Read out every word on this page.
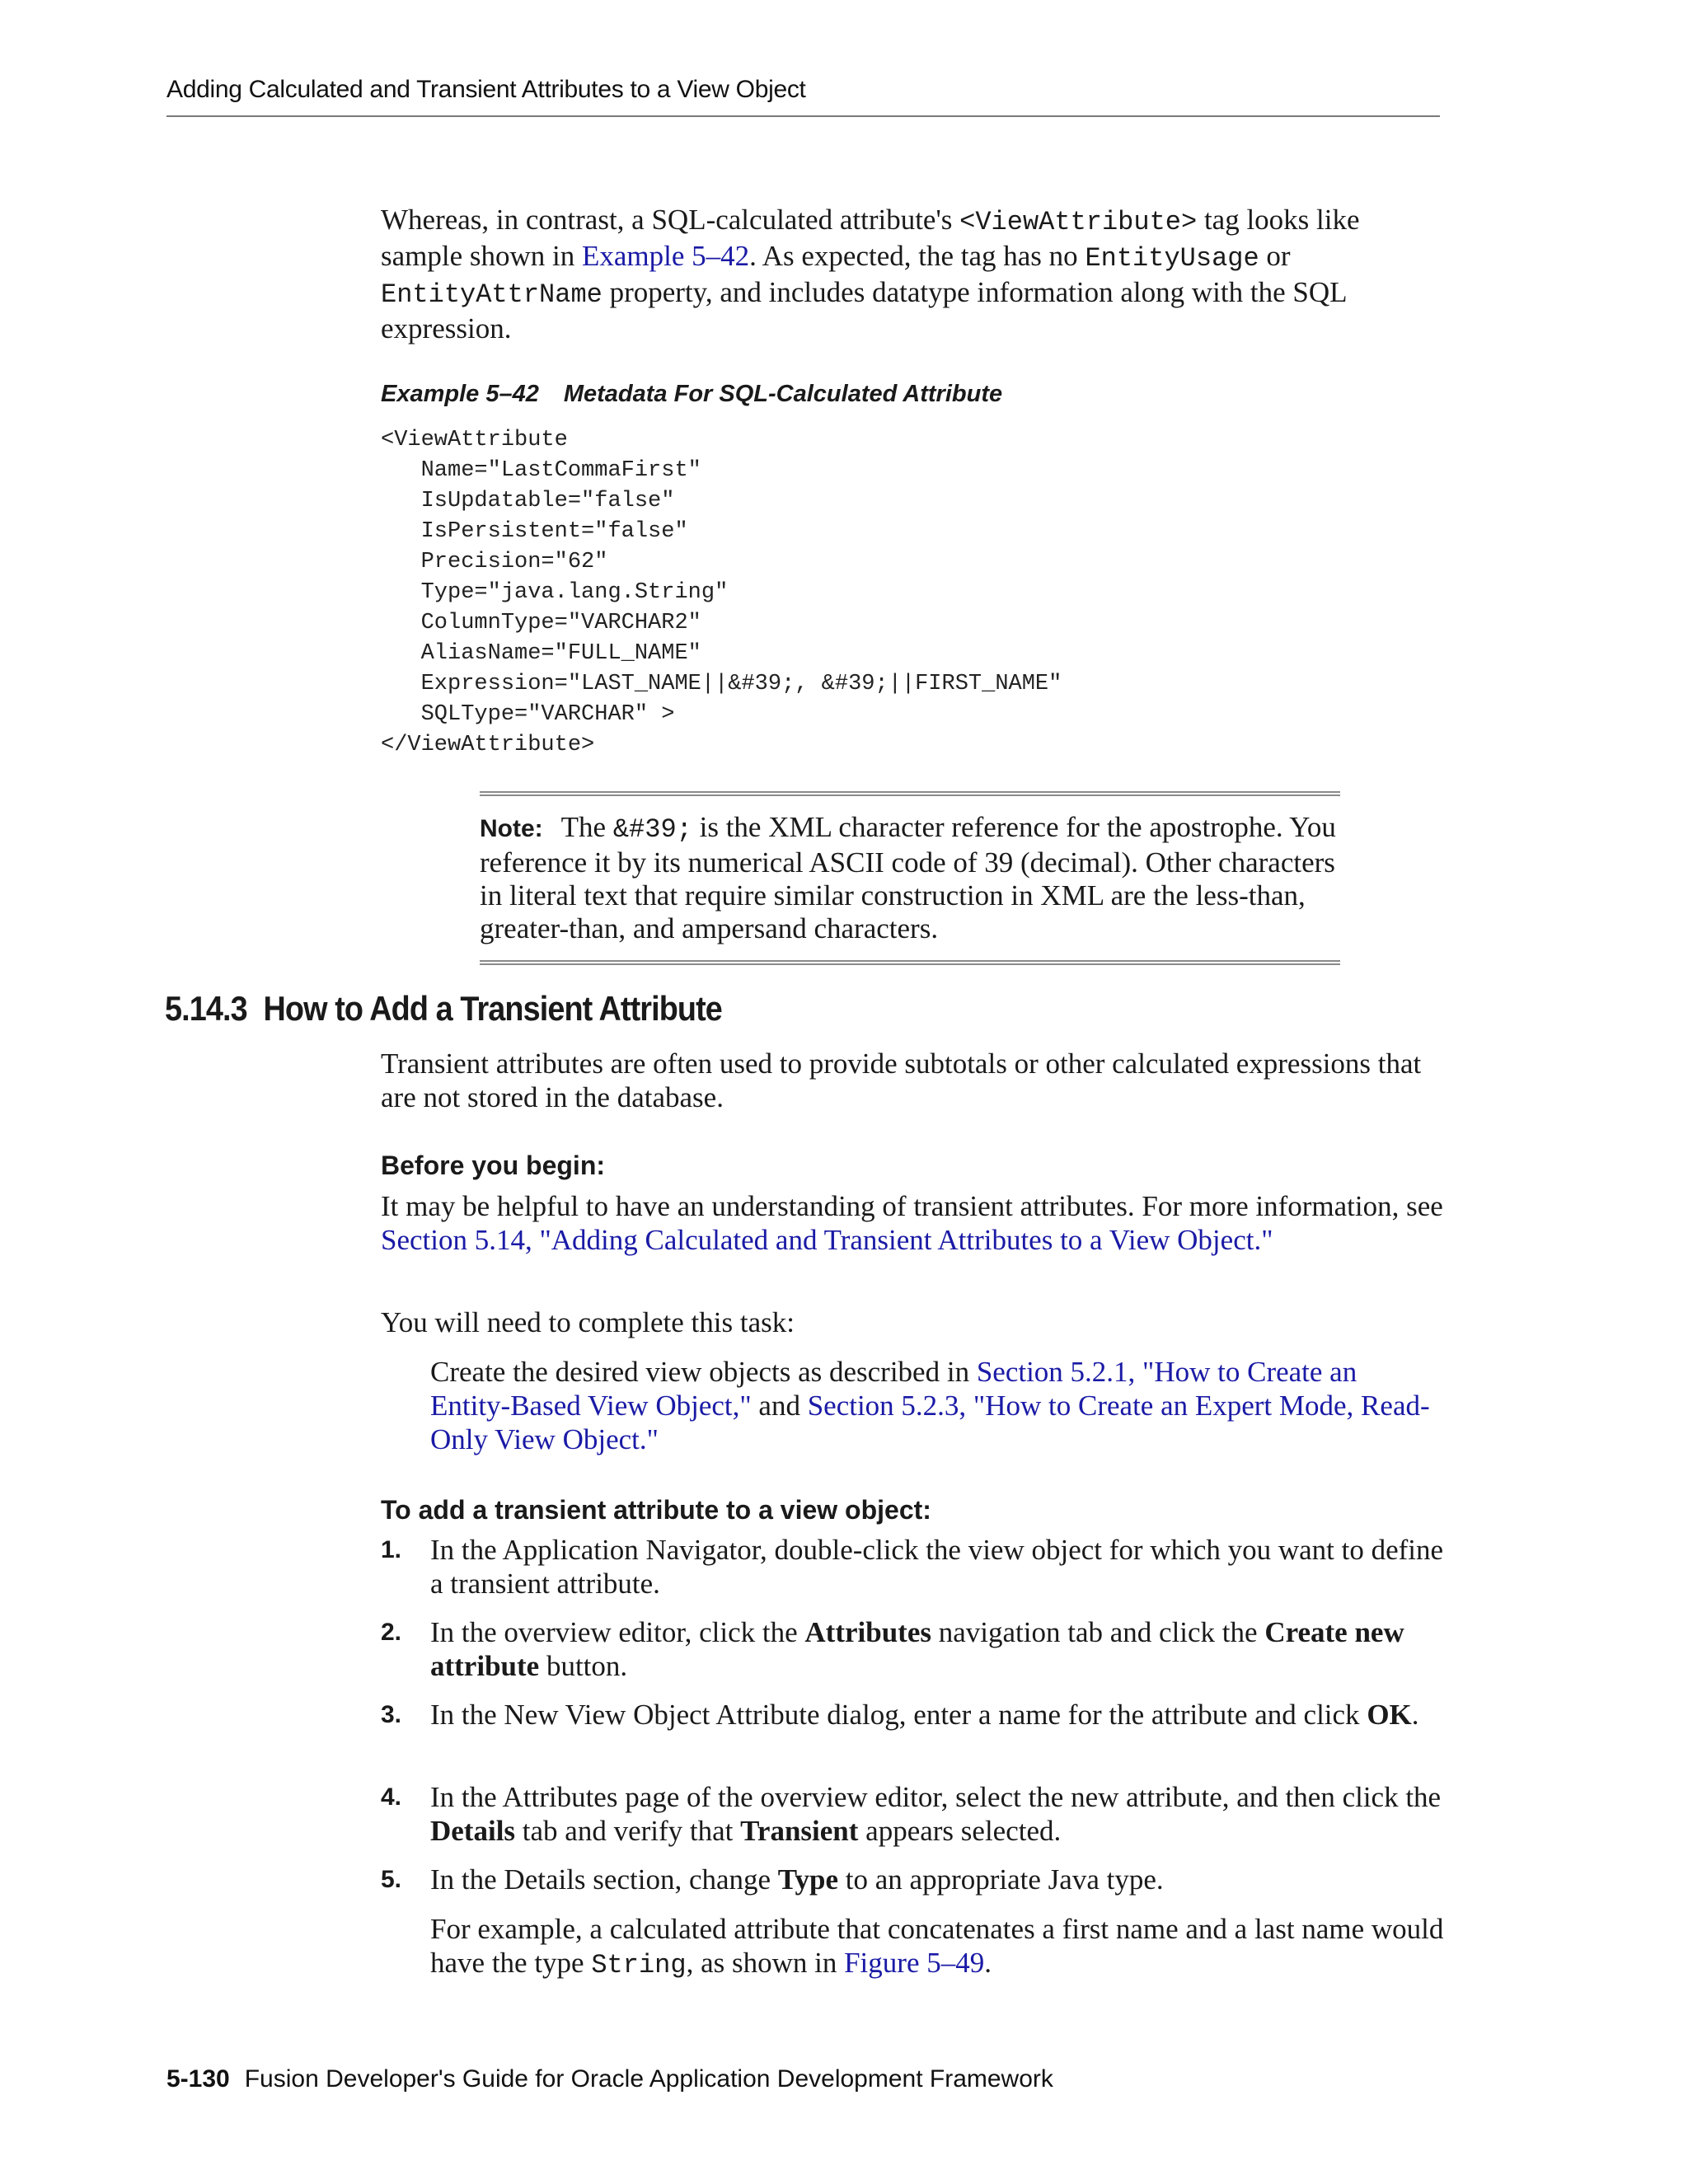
Adding Calculated and Transient Attributes to a View Object

Whereas, in contrast, a SQL-calculated attribute's <ViewAttribute> tag looks like sample shown in Example 5–42. As expected, the tag has no EntityUsage or EntityAttrName property, and includes datatype information along with the SQL expression.

Example 5–42 Metadata For SQL-Calculated Attribute
<ViewAttribute
Name="LastCommaFirst"
IsUpdatable="false"
IsPersistent="false"
Precision="62"
Type="java.lang.String"
ColumnType="VARCHAR2"
AliasName="FULL_NAME"
Expression="LAST_NAME||&#39;, &#39;||FIRST_NAME"
SQLType="VARCHAR" >
</ViewAttribute>

Note: The &#39; is the XML character reference for the apostrophe. You reference it by its numerical ASCII code of 39 (decimal). Other characters in literal text that require similar construction in XML are the less-than, greater-than, and ampersand characters.

5.14.3 How to Add a Transient Attribute

Transient attributes are often used to provide subtotals or other calculated expressions that are not stored in the database.

Before you begin:

It may be helpful to have an understanding of transient attributes. For more information, see Section 5.14, "Adding Calculated and Transient Attributes to a View Object."

You will need to complete this task:

Create the desired view objects as described in Section 5.2.1, "How to Create an Entity-Based View Object," and Section 5.2.3, "How to Create an Expert Mode, Read-Only View Object."

To add a transient attribute to a view object:
1. In the Application Navigator, double-click the view object for which you want to define a transient attribute.
2. In the overview editor, click the Attributes navigation tab and click the Create new attribute button.
3. In the New View Object Attribute dialog, enter a name for the attribute and click OK.
4. In the Attributes page of the overview editor, select the new attribute, and then click the Details tab and verify that Transient appears selected.
5. In the Details section, change Type to an appropriate Java type.

For example, a calculated attribute that concatenates a first name and a last name would have the type String, as shown in Figure 5–49.

5-130 Fusion Developer's Guide for Oracle Application Development Framework
